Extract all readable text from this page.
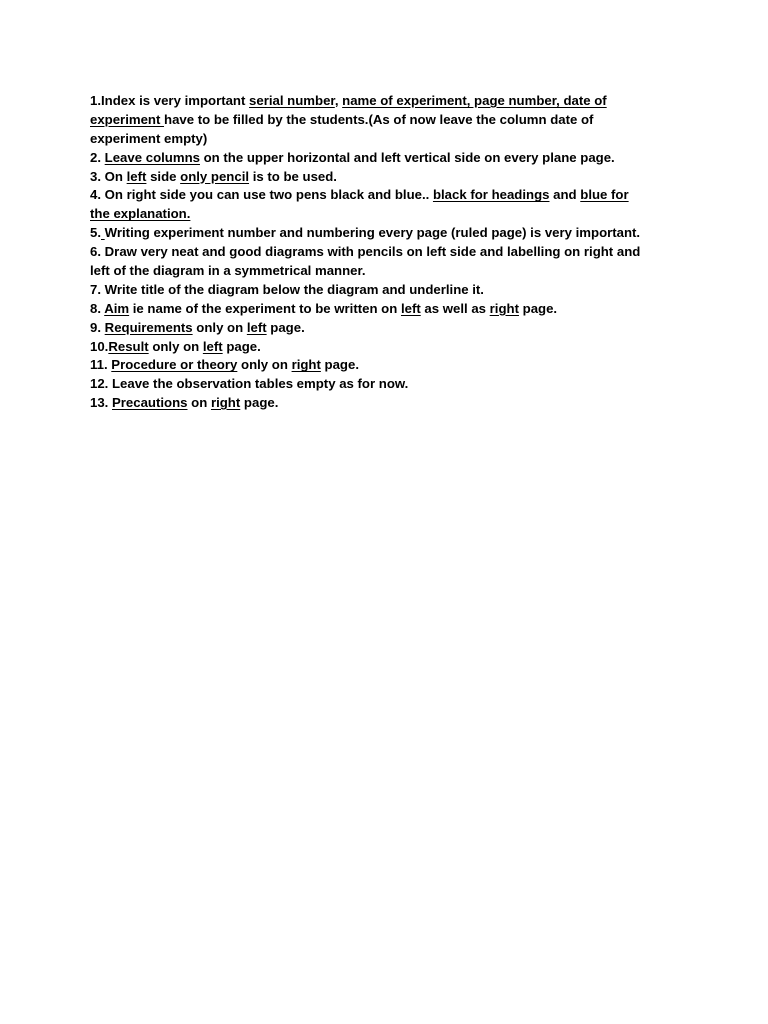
1.Index is very important serial number, name of experiment, page number, date of
experiment have to be filled by the students.(As of now leave the column date of
experiment empty)
2. Leave columns on the upper horizontal and left vertical side on every plane page.
3. On left side only pencil is to be used.
4. On right side you can use two pens black and blue.. black for headings and blue for
the explanation.
5. Writing experiment number and numbering every page (ruled page) is very important.
6. Draw very neat and good diagrams with pencils on left side and labelling on right and
left of the diagram in a symmetrical manner.
7. Write title of the diagram below the diagram and underline it.
8. Aim ie name of the experiment to be written on left as well as right page.
9. Requirements only on left page.
10.Result only on left page.
11. Procedure or theory only on right page.
12. Leave the observation tables empty as for now.
13. Precautions on right page.
